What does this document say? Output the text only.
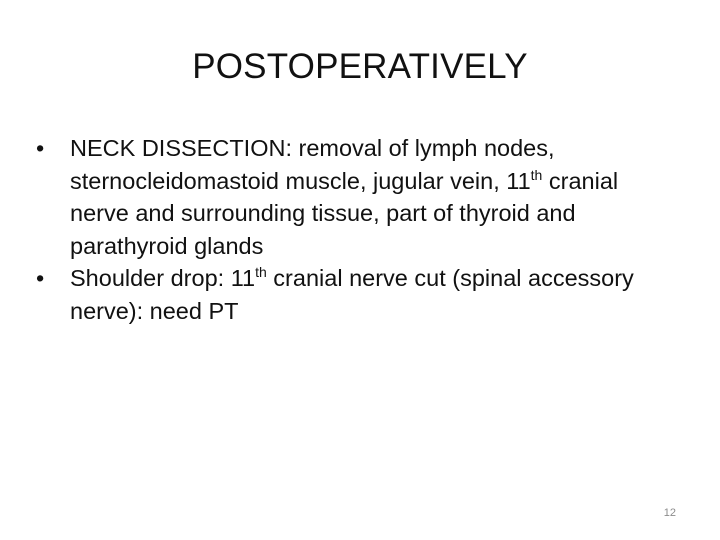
POSTOPERATIVELY
•	NECK DISSECTION: removal of lymph nodes, sternocleidomastoid muscle, jugular vein, 11th cranial nerve and surrounding tissue, part of thyroid and parathyroid glands
•	Shoulder drop: 11th cranial nerve cut (spinal accessory nerve): need PT
12
